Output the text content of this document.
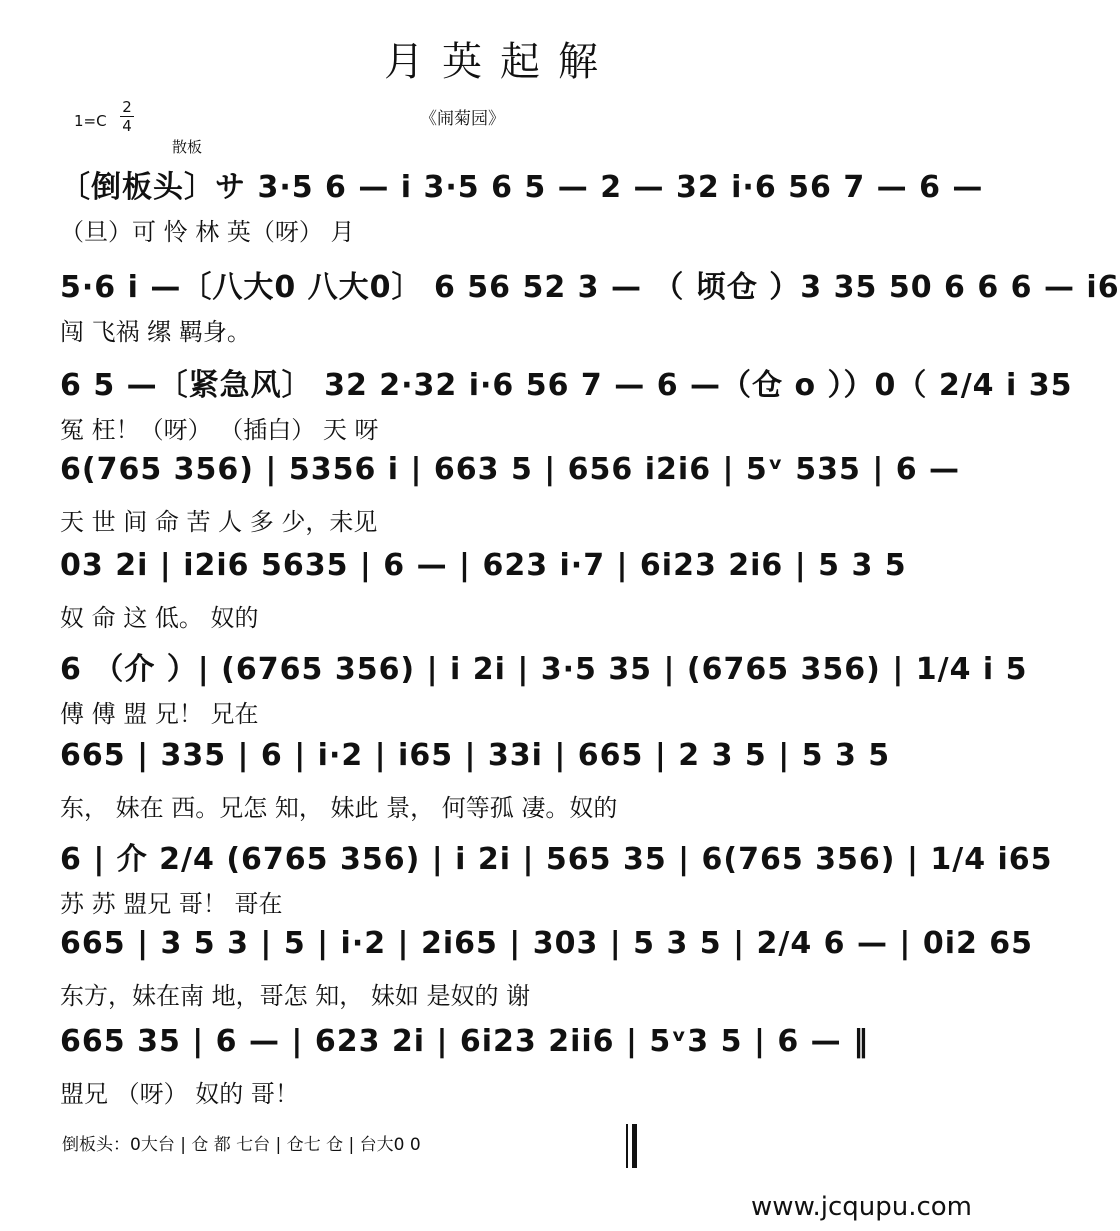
月英起解
1=C
2
4	《闹菊园》
散板
〔倒板头〕サ 3·5 6 — i 3·5 6 5 — 2 — 32 i·6 56 7 — 6 —
（旦）可 怜 林 英（呀） 月
5·6 i —〔八大0 八大0〕 6 56 52 3 — （ 顷仓 ）3 35 50 6 6 6 — i6
闯 飞祸 缧 羁身。
6 5 —〔紧急风〕 32 2·32 i·6 56 7 — 6 —（仓 o ））0（ 2/4 i 35
冤 枉！（呀） （插白） 天 呀
6(765 356) | 5356 i | 663 5 | 656 i2i6 | 5ᵛ 535 | 6 —
天 世 间 命 苦 人 多 少，未见
03 2i | i2i6 5635 | 6 — | 623 i·7 | 6i23 2i6 | 5 3 5
奴 命 这 低。 奴的
6 （介 ）| (6765 356) | i 2i | 3·5 35 | (6765 356) | 1/4 i 5
傅 傅 盟 兄！ 兄在
665 | 335 | 6 | i·2 | i65 | 33i | 665 | 2 3 5 | 5 3 5
东， 妹在 西。兄怎 知， 妹此 景， 何等孤 凄。奴的
6 | 介 2/4 (6765 356) | i 2i | 565 35 | 6(765 356) | 1/4 i65
苏 苏 盟兄 哥！ 哥在
665 | 3 5 3 | 5 | i·2 | 2i65 | 303 | 5 3 5 | 2/4 6 — | 0i2 65
东方，妹在南 地，哥怎 知， 妹如 是奴的 谢
665 35 | 6 — | 623 2i | 6i23 2ii6 | 5ᵛ3 5 | 6 — ‖
盟兄 （呀） 奴的 哥！
倒板头：0大台 | 仓 都 七台 | 仓七 仓 | 台大0 0
www.jcqupu.com
